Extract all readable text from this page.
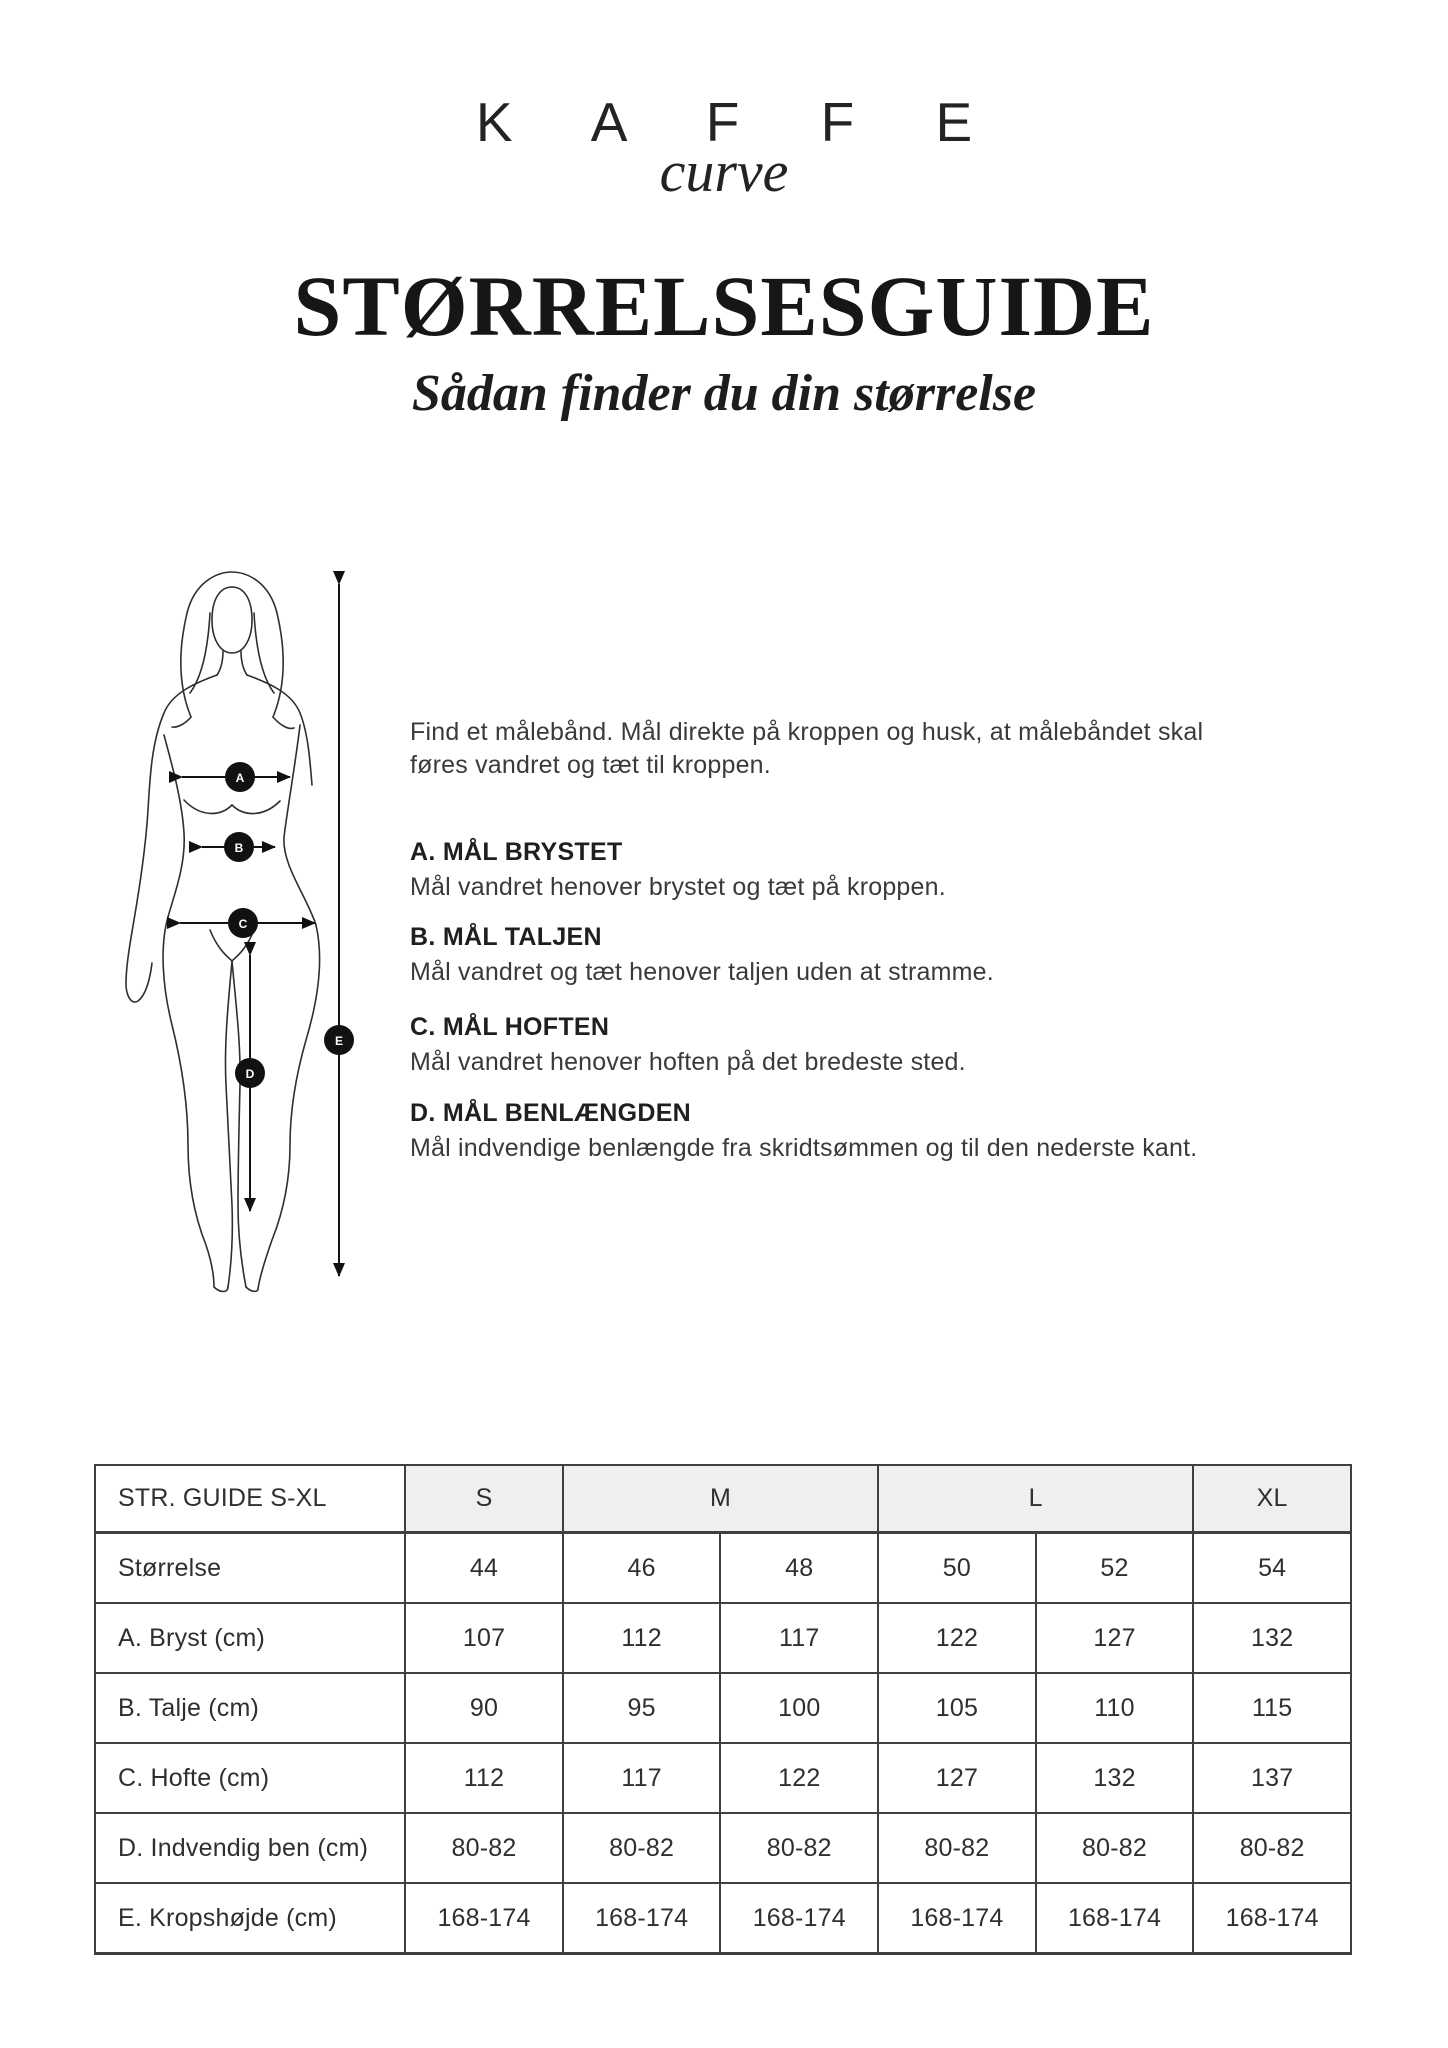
K A F F E
curve
STØRRELSESGUIDE
Sådan finder du din størrelse
A
B
C
D
E
Find et målebånd. Mål direkte på kroppen og husk, at målebåndet skal føres vandret og tæt til kroppen.
A. MÅL BRYSTET
Mål vandret henover brystet og tæt på kroppen.
B. MÅL TALJEN
Mål vandret og tæt henover taljen uden at stramme.
C. MÅL HOFTEN
Mål vandret henover hoften på det bredeste sted.
D. MÅL BENLÆNGDEN
Mål indvendige benlængde fra skridtsømmen og til den nederste kant.
STR. GUIDE S-XL	S	M		L		XL
Størrelse	44	46	48	50	52	54
A. Bryst (cm)	107	112	117	122	127	132
B. Talje (cm)	90	95	100	105	110	115
C. Hofte (cm)	112	117	122	127	132	137
D. Indvendig ben (cm)	80-82	80-82	80-82	80-82	80-82	80-82
E. Kropshøjde (cm)	168-174	168-174	168-174	168-174	168-174	168-174
